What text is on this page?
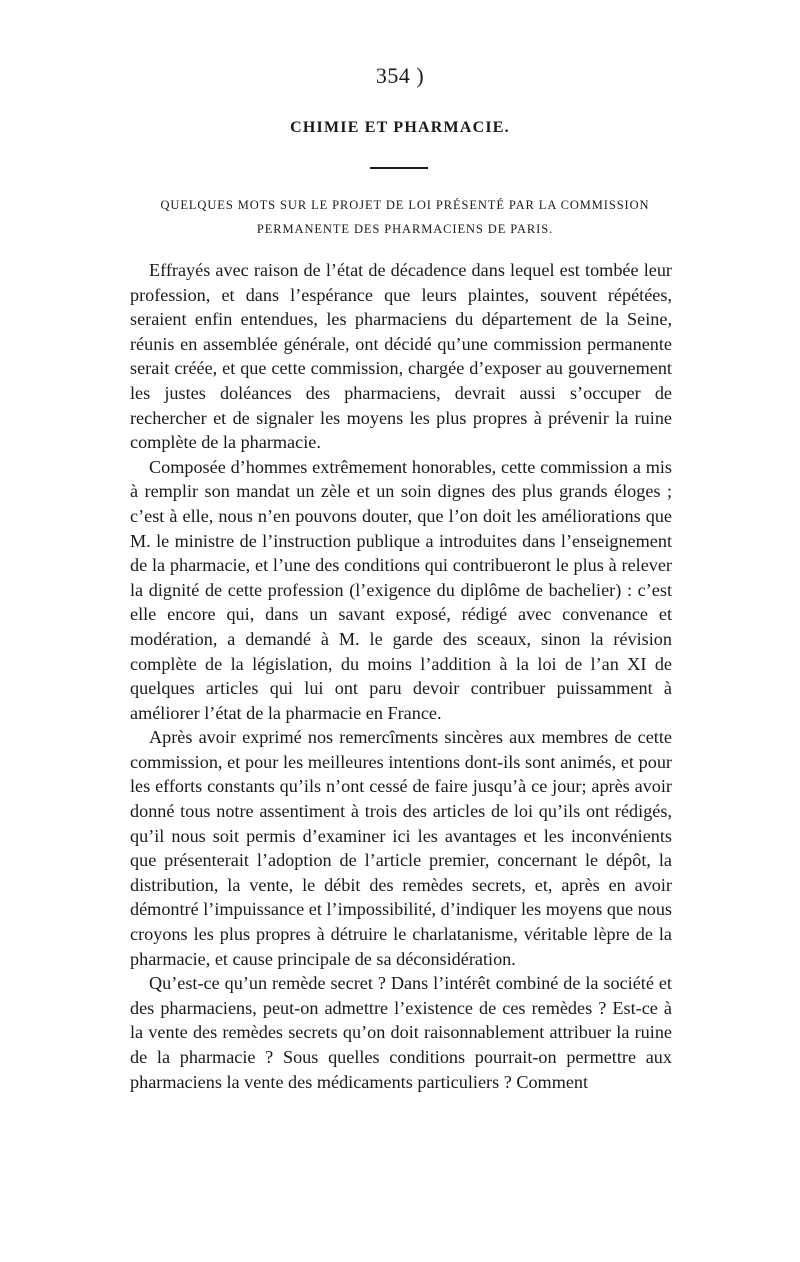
354 )
CHIMIE ET PHARMACIE.
QUELQUES MOTS SUR LE PROJET DE LOI PRÉSENTÉ PAR LA COMMISSION
PERMANENTE DES PHARMACIENS DE PARIS.

Effrayés avec raison de l’état de décadence dans lequel est tombée leur profession, et dans l’espérance que leurs plaintes, souvent répétées, seraient enfin entendues, les pharmaciens du département de la Seine, réunis en assemblée générale, ont décidé qu’une commission permanente serait créée, et que cette commission, chargée d’exposer au gouvernement les justes doléances des pharmaciens, devrait aussi s’occuper de rechercher et de signaler les moyens les plus propres à prévenir la ruine complète de la pharmacie.

Composée d’hommes extrêmement honorables, cette commission a mis à remplir son mandat un zèle et un soin dignes des plus grands éloges ; c’est à elle, nous n’en pouvons douter, que l’on doit les améliorations que M. le ministre de l’instruction publique a introduites dans l’enseignement de la pharmacie, et l’une des conditions qui contribueront le plus à relever la dignité de cette profession (l’exigence du diplôme de bachelier) : c’est elle encore qui, dans un savant exposé, rédigé avec convenance et modération, a demandé à M. le garde des sceaux, sinon la révision complète de la législation, du moins l’addition à la loi de l’an XI de quelques articles qui lui ont paru devoir contribuer puissamment à améliorer l’état de la pharmacie en France.

Après avoir exprimé nos remercîments sincères aux membres de cette commission, et pour les meilleures intentions dont-ils sont animés, et pour les efforts constants qu’ils n’ont cessé de faire jusqu’à ce jour; après avoir donné tous notre assentiment à trois des articles de loi qu’ils ont rédigés, qu’il nous soit permis d’examiner ici les avantages et les inconvénients que présenterait l’adoption de l’article premier, concernant le dépôt, la distribution, la vente, le débit des remèdes secrets, et, après en avoir démontré l’impuissance et l’impossibilité, d’indiquer les moyens que nous croyons les plus propres à détruire le charlatanisme, véritable lèpre de la pharmacie, et cause principale de sa déconsidération.

Qu’est-ce qu’un remède secret ? Dans l’intérêt combiné de la société et des pharmaciens, peut-on admettre l’existence de ces remèdes ? Est-ce à la vente des remèdes secrets qu’on doit raisonnablement attribuer la ruine de la pharmacie ? Sous quelles conditions pourrait-on permettre aux pharmaciens la vente des médicaments particuliers ? Comment
